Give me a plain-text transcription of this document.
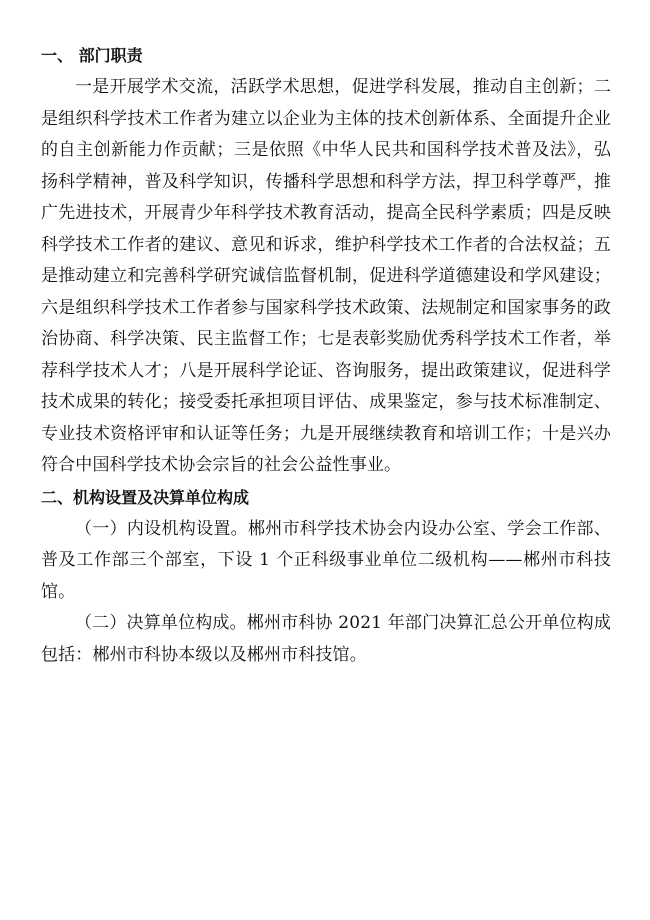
一、 部门职责

一是开展学术交流，活跃学术思想，促进学科发展，推动自主创新；二是组织科学技术工作者为建立以企业为主体的技术创新体系、全面提升企业的自主创新能力作贡献；三是依照《中华人民共和国科学技术普及法》，弘扬科学精神，普及科学知识，传播科学思想和科学方法，捍卫科学尊严，推广先进技术，开展青少年科学技术教育活动，提高全民科学素质；四是反映科学技术工作者的建议、意见和诉求，维护科学技术工作者的合法权益；五是推动建立和完善科学研究诚信监督机制，促进科学道德建设和学风建设；六是组织科学技术工作者参与国家科学技术政策、法规制定和国家事务的政治协商、科学决策、民主监督工作；七是表彰奖励优秀科学技术工作者，举荐科学技术人才；八是开展科学论证、咨询服务，提出政策建议，促进科学技术成果的转化；接受委托承担项目评估、成果鉴定，参与技术标准制定、专业技术资格评审和认证等任务；九是开展继续教育和培训工作；十是兴办符合中国科学技术协会宗旨的社会公益性事业。

二、机构设置及决算单位构成

（一）内设机构设置。郴州市科学技术协会内设办公室、学会工作部、普及工作部三个部室，下设 1 个正科级事业单位二级机构——郴州市科技馆。

（二）决算单位构成。郴州市科协 2021 年部门决算汇总公开单位构成包括：郴州市科协本级以及郴州市科技馆。
